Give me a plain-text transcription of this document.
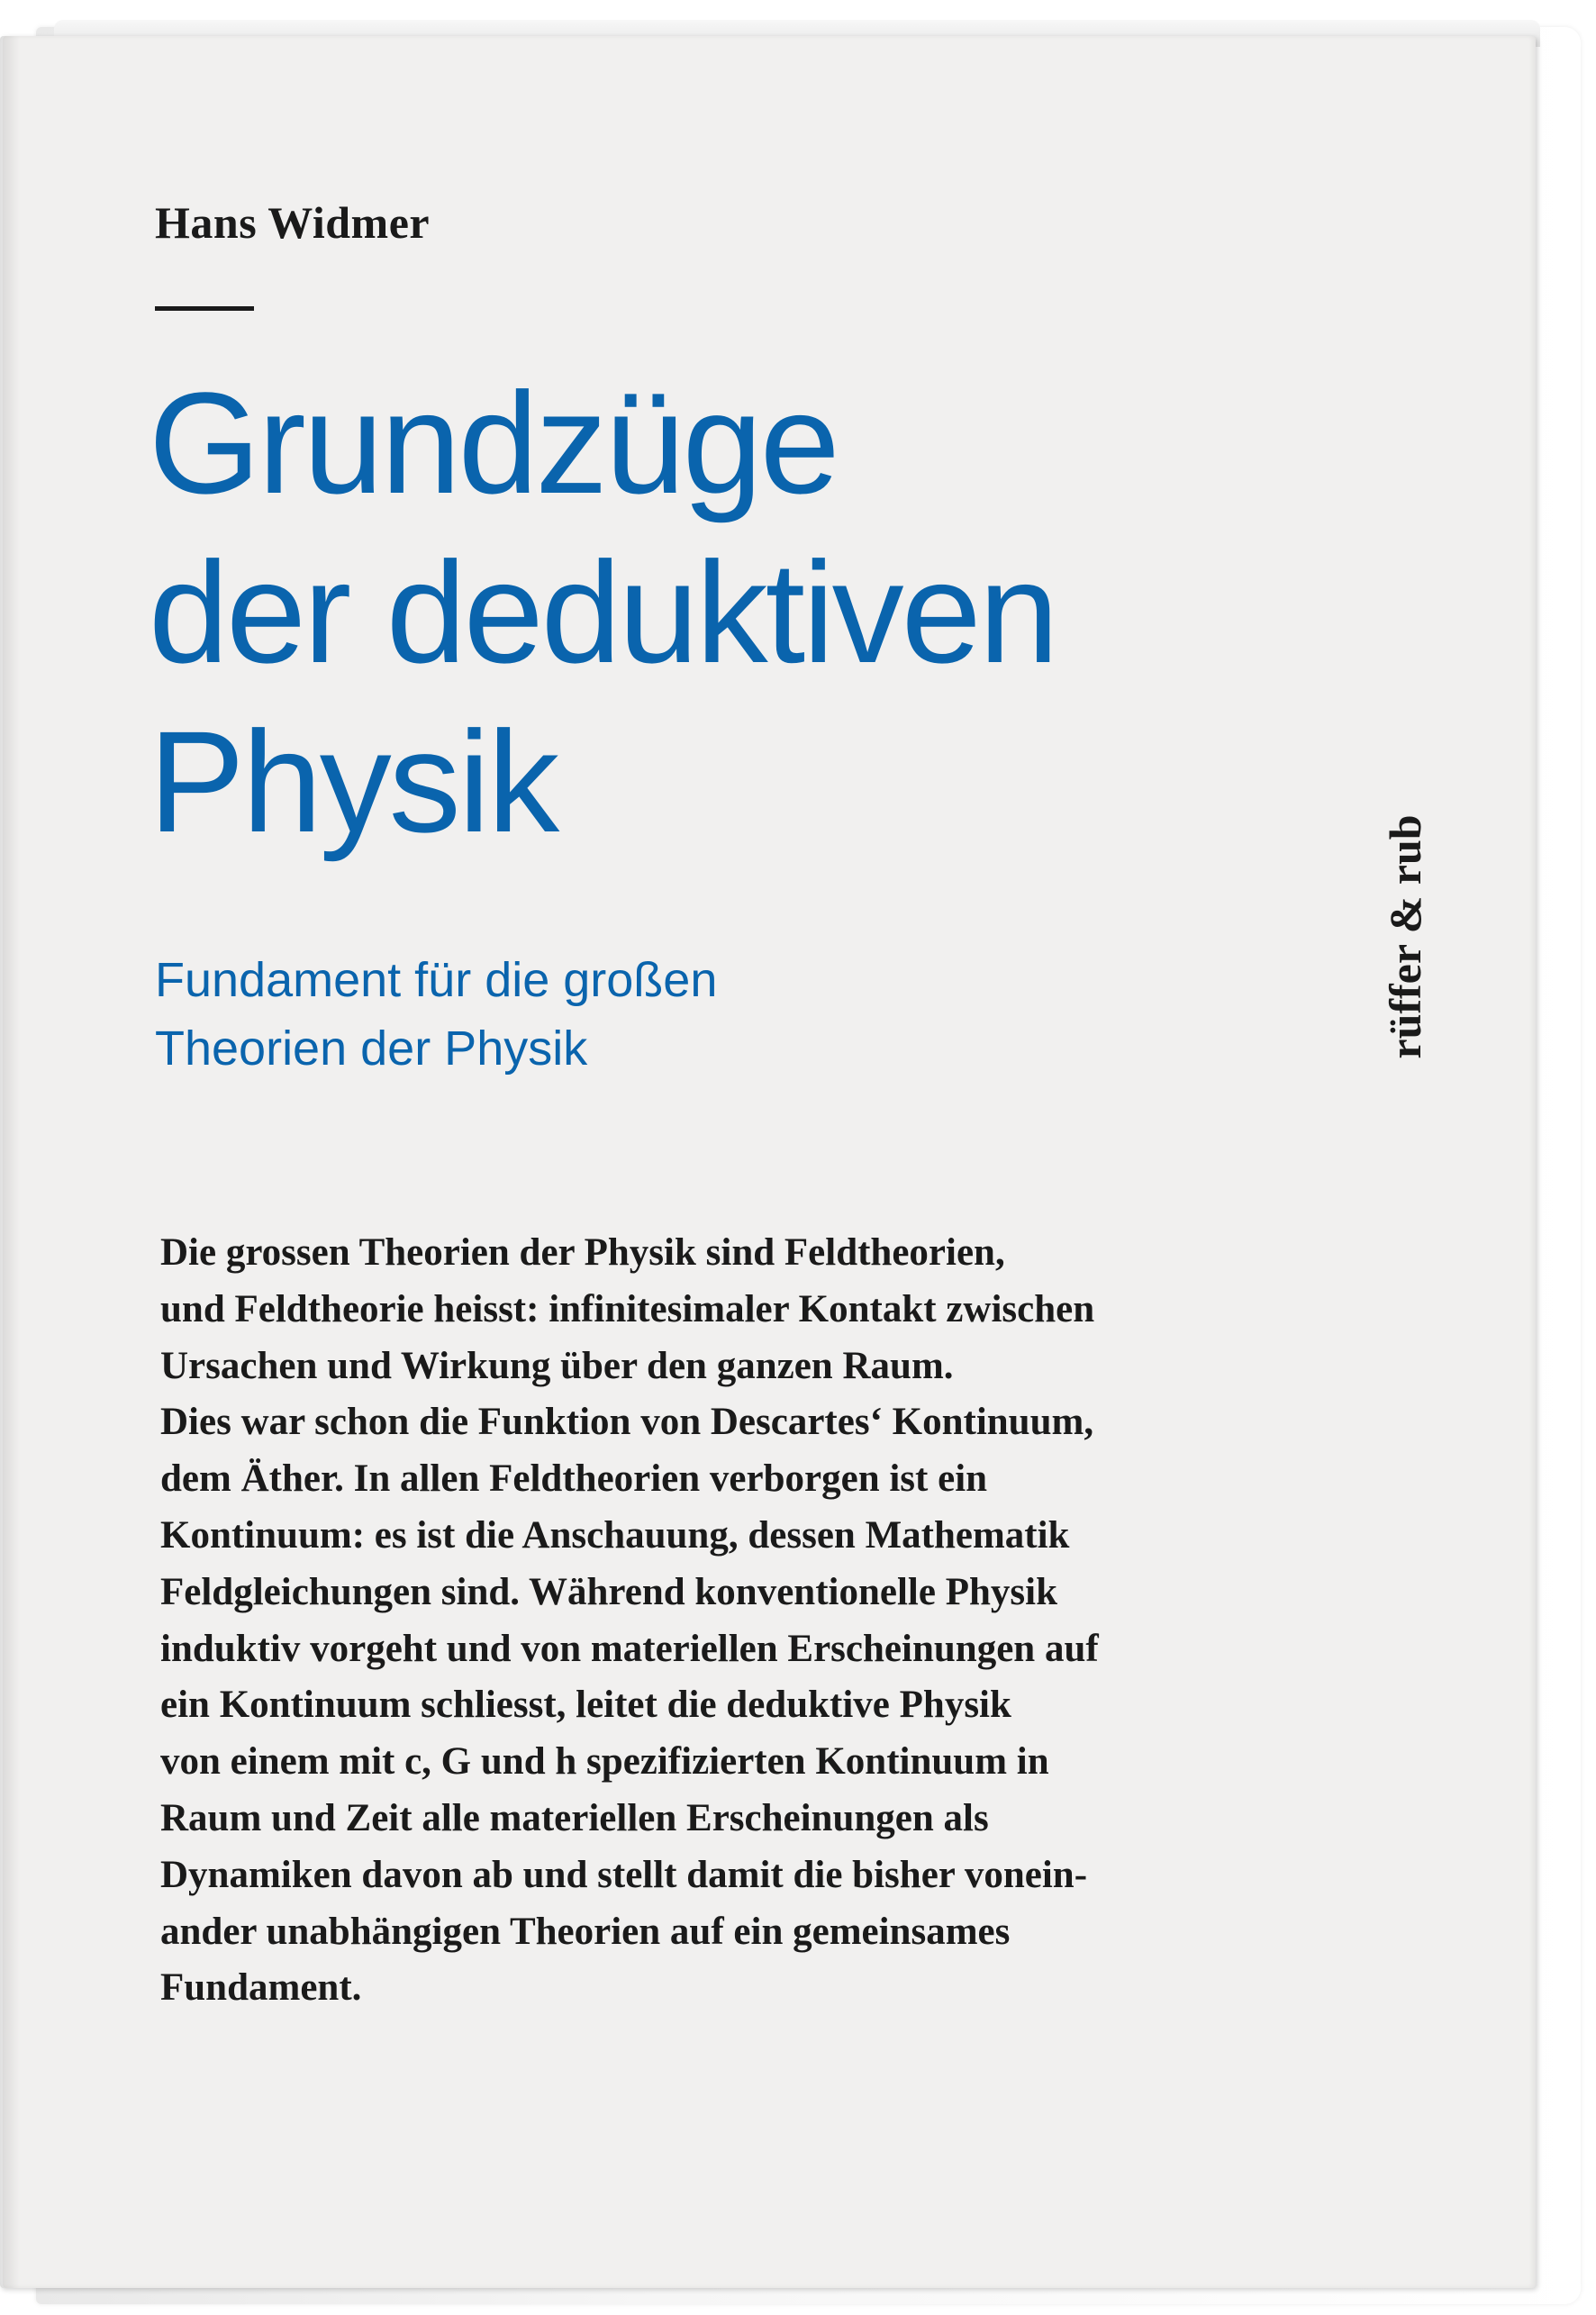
Hans Widmer
Grundzüge
der deduktiven
Physik
Fundament für die großen
Theorien der Physik	rüffer & rub
Die grossen Theorien der Physik sind Feldtheorien,
und Feldtheorie heisst: infinitesimaler Kontakt zwischen
Ursachen und Wirkung über den ganzen Raum.
Dies war schon die Funktion von Descartes‘ Kontinuum,
dem Äther. In allen Feldtheorien verborgen ist ein
Kontinuum: es ist die Anschauung, dessen Mathematik
Feldgleichungen sind. Während konventionelle Physik
induktiv vorgeht und von materiellen Erscheinungen auf
ein Kontinuum schliesst, leitet die deduktive Physik
von einem mit c, G und h spezifizierten Kontinuum in
Raum und Zeit alle materiellen Erscheinungen als
Dynamiken davon ab und stellt damit die bisher vonein-
ander unabhängigen Theorien auf ein gemeinsames
Fundament.
